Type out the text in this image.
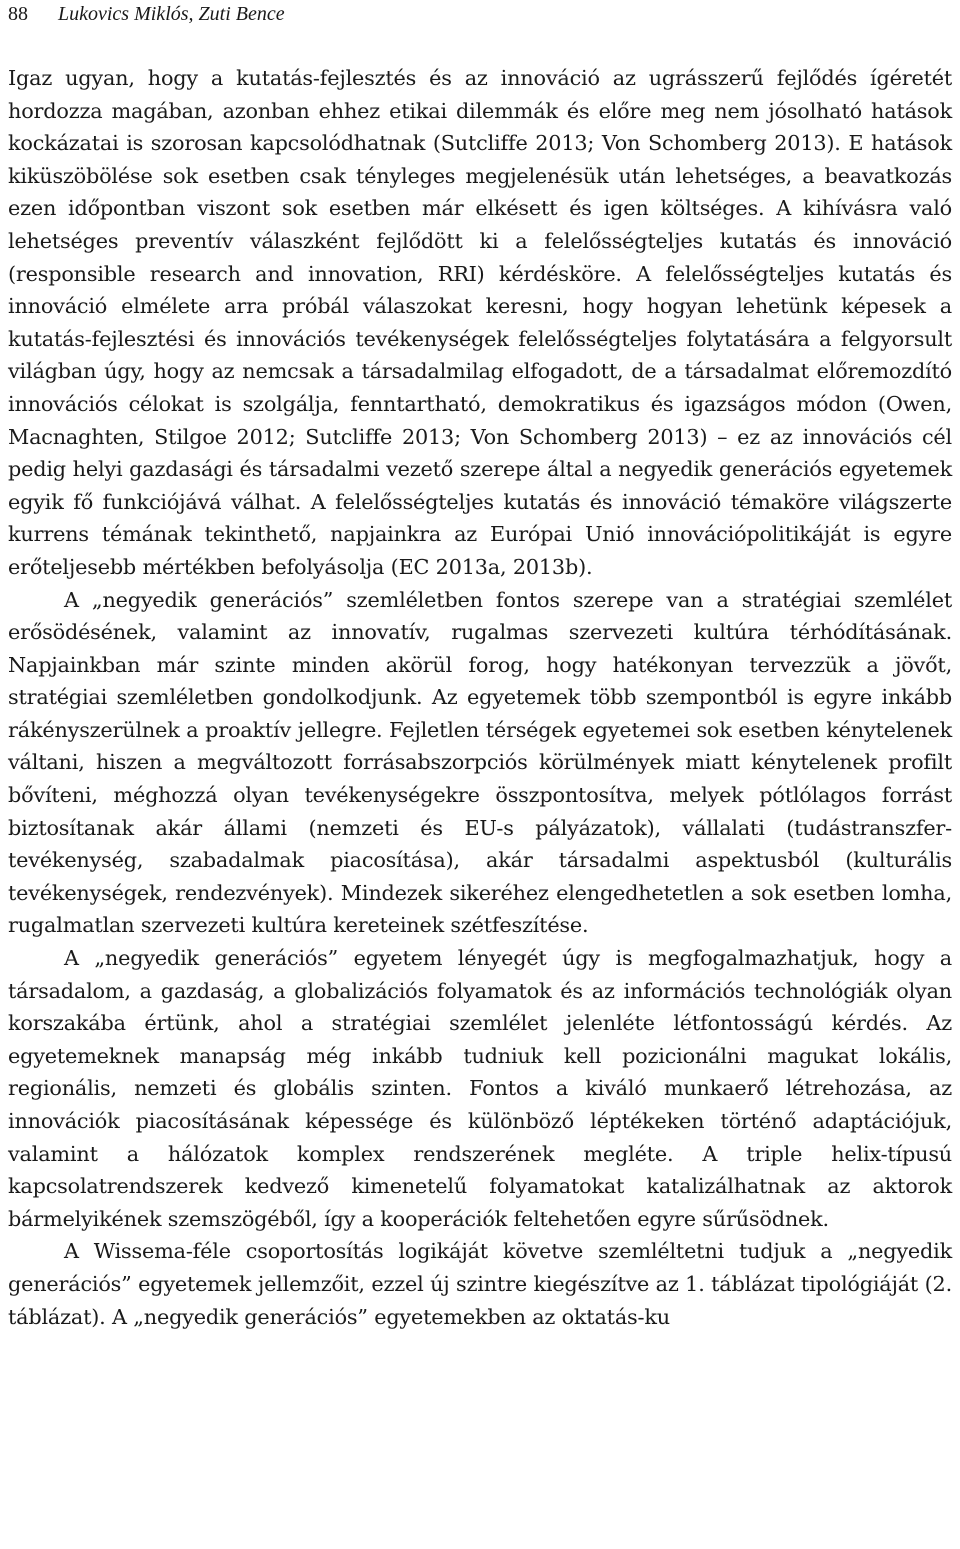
88 Lukovics Miklós, Zuti Bence

Igaz ugyan, hogy a kutatás-fejlesztés és az innováció az ugrásszerű fejlődés ígéretét hordozza magában, azonban ehhez etikai dilemmák és előre meg nem jósolható hatások kockázatai is szorosan kapcsolódhatnak (Sutcliffe 2013; Von Schomberg 2013). E hatások kiküszöbölése sok esetben csak tényleges megjelenésük után lehetséges, a beavatkozás ezen időpontban viszont sok esetben már elkésett és igen költséges. A kihívásra való lehetséges preventív válaszként fejlődött ki a felelősségteljes kutatás és innováció (responsible research and innovation, RRI) kérdésköre. A felelősségteljes kutatás és innováció elmélete arra próbál válaszokat keresni, hogy hogyan lehetünk képesek a kutatás-fejlesztési és innovációs tevékenységek felelősségteljes folytatására a felgyorsult világban úgy, hogy az nemcsak a társadalmilag elfogadott, de a társadalmat előremozdító innovációs célokat is szolgálja, fenntartható, demokratikus és igazságos módon (Owen, Macnaghten, Stilgoe 2012; Sutcliffe 2013; Von Schomberg 2013) – ez az innovációs cél pedig helyi gazdasági és társadalmi vezető szerepe által a negyedik generációs egyetemek egyik fő funkciójává válhat. A felelősségteljes kutatás és innováció témaköre világszerte kurrens témának tekinthető, napjainkra az Európai Unió innovációpolitikáját is egyre erőteljesebb mértékben befolyásolja (EC 2013a, 2013b).

A „negyedik generációs” szemléletben fontos szerepe van a stratégiai szemlélet erősödésének, valamint az innovatív, rugalmas szervezeti kultúra térhódításának. Napjainkban már szinte minden akörül forog, hogy hatékonyan tervezzük a jövőt, stratégiai szemléletben gondolkodjunk. Az egyetemek több szempontból is egyre inkább rákényszerülnek a proaktív jellegre. Fejletlen térségek egyetemei sok esetben kénytelenek váltani, hiszen a megváltozott forrásabszorpciós körülmények miatt kénytelenek profilt bővíteni, méghozzá olyan tevékenységekre összpontosítva, melyek pótlólagos forrást biztosítanak akár állami (nemzeti és EU-s pályázatok), vállalati (tudástranszfer-tevékenység, szabadalmak piacosítása), akár társadalmi aspektusból (kulturális tevékenységek, rendezvények). Mindezek sikeréhez elengedhetetlen a sok esetben lomha, rugalmatlan szervezeti kultúra kereteinek szétfeszítése.

A „negyedik generációs” egyetem lényegét úgy is megfogalmazhatjuk, hogy a társadalom, a gazdaság, a globalizációs folyamatok és az információs technológiák olyan korszakába értünk, ahol a stratégiai szemlélet jelenléte létfontosságú kérdés. Az egyetemeknek manapság még inkább tudniuk kell pozicionálni magukat lokális, regionális, nemzeti és globális szinten. Fontos a kiváló munkaerő létrehozása, az innovációk piacosításának képessége és különböző léptékeken történő adaptációjuk, valamint a hálózatok komplex rendszerének megléte. A triple helix-típusú kapcsolatrendszerek kedvező kimenetelű folyamatokat katalizálhatnak az aktorok bármelyikének szemszögéből, így a kooperációk feltehetően egyre sűrűsödnek.

A Wissema-féle csoportosítás logikáját követve szemléltetni tudjuk a „negyedik generációs” egyetemek jellemzőit, ezzel új szintre kiegészítve az 1. táblázat tipológiáját (2. táblázat). A „negyedik generációs” egyetemekben az oktatás-ku
